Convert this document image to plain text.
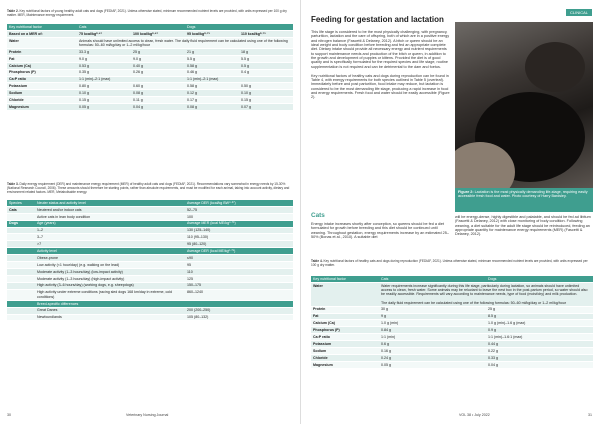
Table 2. Key nutritional factors of young healthy adult cats and dogs (FEDIAF, 2021). Unless otherwise stated, minimum recommended nutrient levels are provided, with units expressed per 100 g dry matter. MER, Maintenance energy requirement.
Key nutritional factor	Cats		Dogs	
Based on a MER of:	75 kcal/kg⁰·⁶⁷	100 kcal/kg⁰·⁶⁷	95 kcal/kg⁰·⁷⁵	110 kcal/kg⁰·⁷⁵
Water	Animals should have unlimited access to clean, fresh water. The daily fluid requirement can be calculated using one of the following formulas: 50–60 ml/kg/day or 1–2 ml/kg/hour			
Protein	33.3 g	25 g	21 g	18 g
Fat	9.0 g	9.0 g	5.5 g	5.5 g
Calcium (Ca)	0.53 g	0.40 g	0.58 g	0.5 g
Phosphorus (P)	0.35 g	0.26 g	0.46 g	0.4 g
Ca:P ratio	1:1 (min)–2:1 (max)		1:1 (min)–2:1 (max)	
Potassium	0.80 g	0.60 g	0.58 g	0.50 g
Sodium	0.10 g	0.08 g	0.12 g	0.10 g
Chloride	0.15 g	0.11 g	0.17 g	0.15 g
Magnesium	0.05 g	0.04 g	0.08 g	0.07 g
Table 3. Daily energy requirement (DER) and maintenance energy requirement (MER) of healthy adult cats and dogs (FEDIAF, 2021). Recommendations vary somewhat in energy needs by 15-30% (National Research Council, 2006). These amounts should therefore be starting points, rather than absolute requirements, and must be modified for each animal, taking into account activity, dietary and environment related factors. MER, Metabolisable energy.
Species	Neuter status and activity level	Average DER (kcal/kg BW⁰·⁶⁷)
Cats	Neutered and/or indoor cats	52–75
	Active cats in lean body condition	100
Dogs	Age (years)	Average MER (kcal ME/kg⁰·⁷⁵)
	1–2	130 (125–140)
	3–7	110 (95–130)
	>7	95 (80–120)
	Activity level	Average DER (kcal ME/kg⁰·⁷⁵)
	Obese-prone	≤90
	Low activity (<1 hour/day) (e.g. walking on the lead)	95
	Moderate activity (1–3 hours/day) (low-impact activity)	110
	Moderate activity (1–3 hours/day) (high-impact activity)	125
	High activity (3–6 hours/day) (working dogs, e.g. sheepdogs)	150–175
	High activity under extreme conditions (racing sled dogs 168 km/day in extreme, cold conditions)	860–1240
	Breed-specific differences	
	Great Danes	200 (200–250)
	Newfoundlands	105 (80–132)
30	Veterinary Nursing Journal
CLINICAL
Feeding for gestation and lactation

This life stage is considered to be the most physically challenging, with pregnancy, parturition, lactation and the care of offspring, both of which are in a positive energy and nitrogen balance (Fascetti & Delaney, 2012). A bitch or queen should be an ideal weight and body condition before breeding and fed an appropriate complete diet. Dietary intake should provide all necessary energy and nutrient requirements to support maintenance needs and production of the bitch or queen, in addition to the growth and development of puppies or kittens. Provided the diet is of good quality and is specifically formulated for the required species and life stage, routine supplementation is not required and can be detrimental to the dam and foetus.

Key nutritional factors of healthy cats and dogs during reproduction can be found in Table 4, with energy requirements for both species outlined in Table 5 (overleaf). Immediately before and post parturition, food intake may reduce, but lactation is considered to be the most demanding life stage, producing a rapid increase in food and energy requirements. Fresh food and water should be easily accessible (Figure 2).

Cats
Energy intake increases shortly after conception, so queens should be fed a diet formulated for growth before breeding and this diet should be continued until weaning. Throughout gestation, energy requirements increase by an estimated 25–50% (Bonas et al., 2010). A suitable diet
Figure 2: Lactation is the most physically demanding life-stage, requiring easily accessible fresh food and water. Photo courtesy of Harry Bardsley.
will be energy-dense, highly digestible and palatable, and should be fed ad libitum (Fascetti & Delaney, 2012) with close monitoring of body condition. Following weaning, a diet suitable for the adult life stage should be reintroduced, feeding an appropriate quantity for maintenance energy requirements (MER) (Fascetti & Delaney, 2012).
Table 4. Key nutritional factors of healthy cats and dogs during reproduction (FEDIAF, 2021). Unless otherwise stated, minimum recommended nutrient levels are provided, with units expressed per 100 g dry matter.
Key nutritional factor	Cats	Dogs
Water	Water requirements increase significantly during this life stage, particularly during lactation, so animals should have unlimited access to clean, fresh water. Some animals may be reluctant to leave the nest box in the post-partum period, so water should also be readily accessible. Requirements will vary according to maintenance needs, type of food (moist/dry) and milk production.
The daily fluid requirement can be calculated using one of the following formulas: 50–60 ml/kg/day or 1–2 ml/kg/hour	

Protein	30 g	25 g
Fat	9 g	8.5 g
Calcium (Ca)	1.0 g (min)	1.0 g (min)–1.6 g (max)
Phosphorus (P)	0.84 g	0.9 g
Ca:P ratio	1:1 (min)	1:1 (min)–1.6:1 (max)
Potassium	0.6 g	0.44 g
Sodium	0.16 g	0.22 g
Chloride	0.24 g	0.33 g
Magnesium	0.05 g	0.04 g
VOL 38 • July 2022	31
